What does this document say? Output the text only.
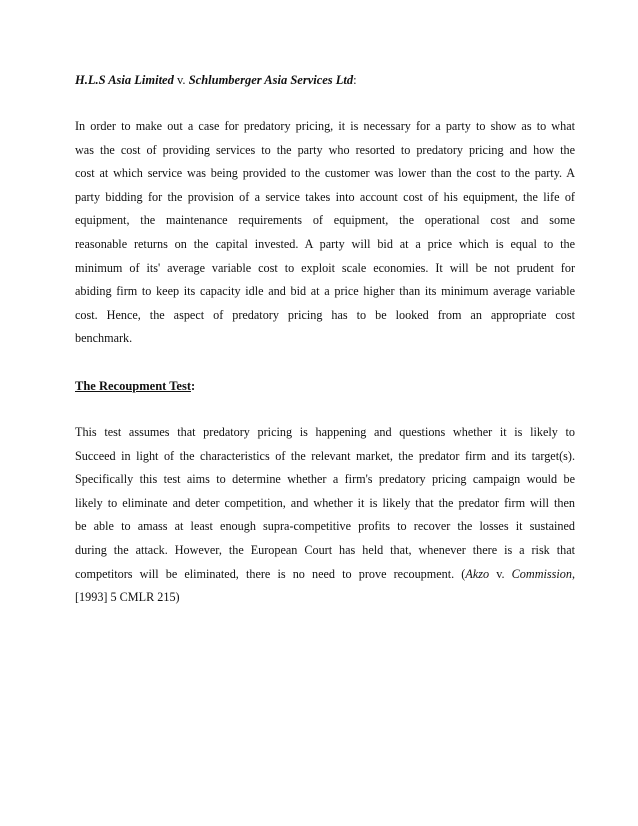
H.L.S Asia Limited v. Schlumberger Asia Services Ltd:

In order to make out a case for predatory pricing, it is necessary for a party to show as to what
was the cost of providing services to the party who resorted to predatory pricing and how the
cost at which service was being provided to the customer was lower than the cost to the party. A
party bidding for the provision of a service takes into account cost of his equipment, the life of
equipment, the maintenance requirements of equipment, the operational cost and some
reasonable returns on the capital invested. A party will bid at a price which is equal to the
minimum of its' average variable cost to exploit scale economies. It will be not prudent for
abiding firm to keep its capacity idle and bid at a price higher than its minimum average variable
cost. Hence, the aspect of predatory pricing has to be looked from an appropriate cost
benchmark.

The Recoupment Test:

This test assumes that predatory pricing is happening and questions whether it is likely to
Succeed in light of the characteristics of the relevant market, the predator firm and its target(s).
Specifically this test aims to determine whether a firm's predatory pricing campaign would be
likely to eliminate and deter competition, and whether it is likely that the predator firm will then
be able to amass at least enough supra-competitive profits to recover the losses it sustained
during the attack. However, the European Court has held that, whenever there is a risk that
competitors will be eliminated, there is no need to prove recoupment. (Akzo v. Commission,
[1993] 5 CMLR 215)
